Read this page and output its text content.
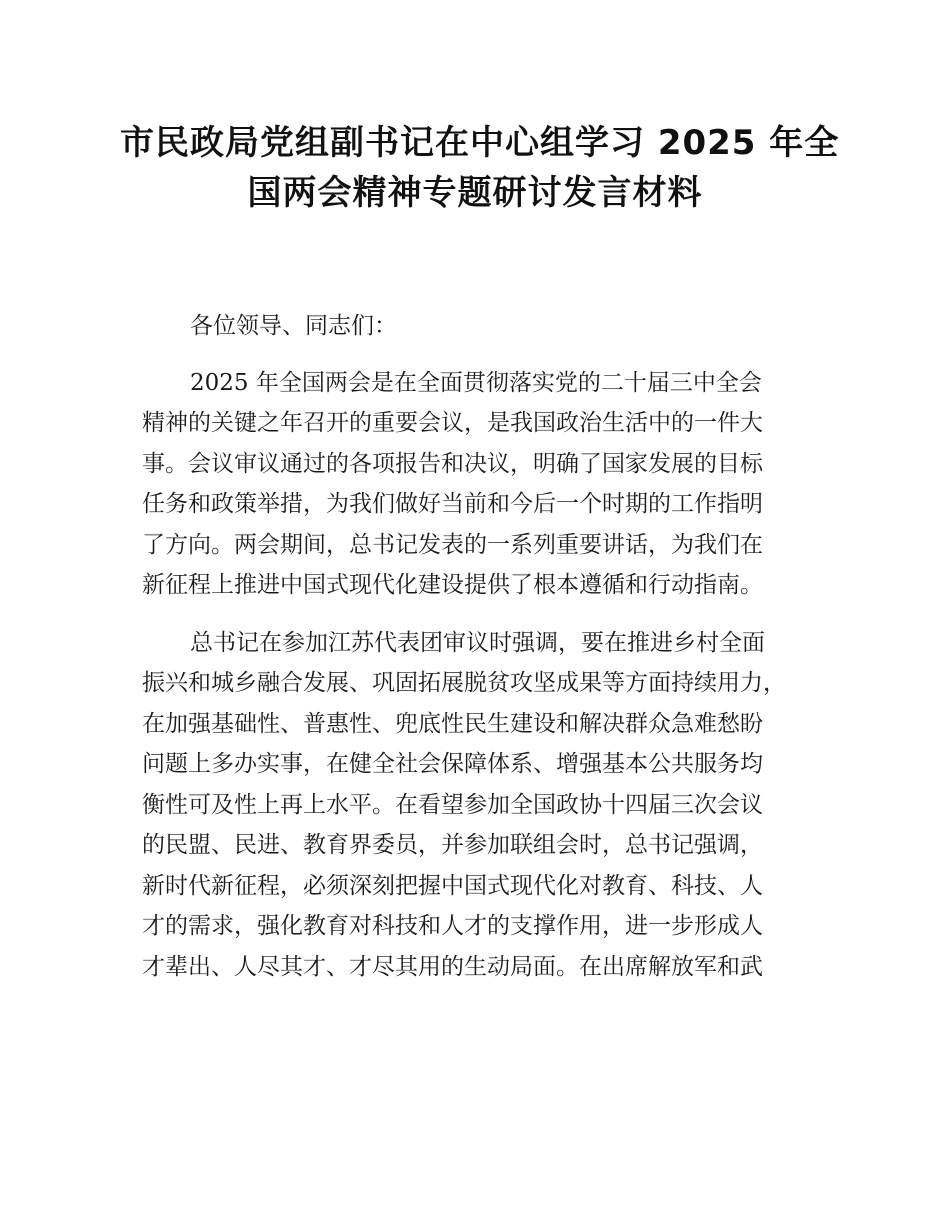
市民政局党组副书记在中心组学习 2025 年全
国两会精神专题研讨发言材料

各位领导、同志们：

2025 年全国两会是在全面贯彻落实党的二十届三中全会
精神的关键之年召开的重要会议，是我国政治生活中的一件大
事。会议审议通过的各项报告和决议，明确了国家发展的目标
任务和政策举措，为我们做好当前和今后一个时期的工作指明
了方向。两会期间，总书记发表的一系列重要讲话，为我们在
新征程上推进中国式现代化建设提供了根本遵循和行动指南。

总书记在参加江苏代表团审议时强调，要在推进乡村全面
振兴和城乡融合发展、巩固拓展脱贫攻坚成果等方面持续用力，
在加强基础性、普惠性、兜底性民生建设和解决群众急难愁盼
问题上多办实事，在健全社会保障体系、增强基本公共服务均
衡性可及性上再上水平。在看望参加全国政协十四届三次会议
的民盟、民进、教育界委员，并参加联组会时，总书记强调，
新时代新征程，必须深刻把握中国式现代化对教育、科技、人
才的需求，强化教育对科技和人才的支撑作用，进一步形成人
才辈出、人尽其才、才尽其用的生动局面。在出席解放军和武
